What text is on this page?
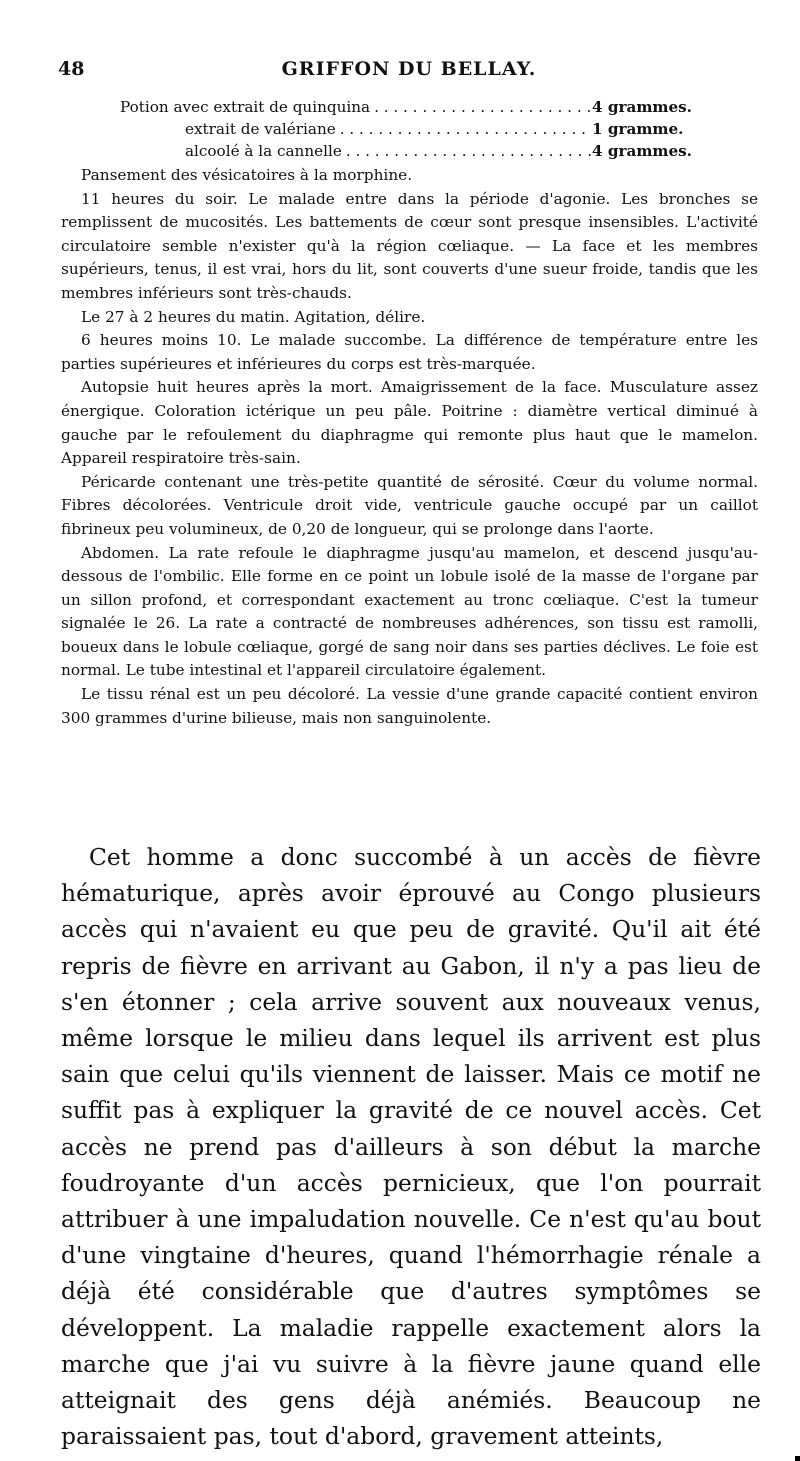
48	GRIFFON DU BELLAY.
Potion avec extrait de quinquina . . .	4 grammes.
extrait de valériane . . .	1 gramme.
alcoolé à la cannelle . . .	4 grammes.

Pansement des vésicatoires à la morphine.

11 heures du soir. Le malade entre dans la période d'agonie. Les bronches se remplissent de mucosités. Les battements de cœur sont presque insensibles. L'activité circulatoire semble n'exister qu'à la région cœliaque. — La face et les membres supérieurs, tenus, il est vrai, hors du lit, sont couverts d'une sueur froide, tandis que les membres inférieurs sont très-chauds.

Le 27 à 2 heures du matin. Agitation, délire.

6 heures moins 10. Le malade succombe. La différence de température entre les parties supérieures et inférieures du corps est très-marquée.

Autopsie huit heures après la mort. Amaigrissement de la face. Musculature assez énergique. Coloration ictérique un peu pâle. Poitrine : diamètre vertical diminué à gauche par le refoulement du diaphragme qui remonte plus haut que le mamelon. Appareil respiratoire très-sain.

Péricarde contenant une très-petite quantité de sérosité. Cœur du volume normal. Fibres décolorées. Ventricule droit vide, ventricule gauche occupé par un caillot fibrineux peu volumineux, de 0,20 de longueur, qui se prolonge dans l'aorte.

Abdomen. La rate refoule le diaphragme jusqu'au mamelon, et descend jusqu'au-dessous de l'ombilic. Elle forme en ce point un lobule isolé de la masse de l'organe par un sillon profond, et correspondant exactement au tronc cœliaque. C'est la tumeur signalée le 26. La rate a contracté de nombreuses adhérences, son tissu est ramolli, boueux dans le lobule cœliaque, gorgé de sang noir dans ses parties déclives. Le foie est normal. Le tube intestinal et l'appareil circulatoire également.

Le tissu rénal est un peu décoloré. La vessie d'une grande capacité contient environ 300 grammes d'urine bilieuse, mais non sanguinolente.

Cet homme a donc succombé à un accès de fièvre hématurique, après avoir éprouvé au Congo plusieurs accès qui n'avaient eu que peu de gravité. Qu'il ait été repris de fièvre en arrivant au Gabon, il n'y a pas lieu de s'en étonner ; cela arrive souvent aux nouveaux venus, même lorsque le milieu dans lequel ils arrivent est plus sain que celui qu'ils viennent de laisser. Mais ce motif ne suffit pas à expliquer la gravité de ce nouvel accès. Cet accès ne prend pas d'ailleurs à son début la marche foudroyante d'un accès pernicieux, que l'on pourrait attribuer à une impaludation nouvelle. Ce n'est qu'au bout d'une vingtaine d'heures, quand l'hémorrhagie rénale a déjà été considérable que d'autres symptômes se développent. La maladie rappelle exactement alors la marche que j'ai vu suivre à la fièvre jaune quand elle atteignait des gens déjà anémiés. Beaucoup ne paraissaient pas, tout d'abord, gravement atteints,
